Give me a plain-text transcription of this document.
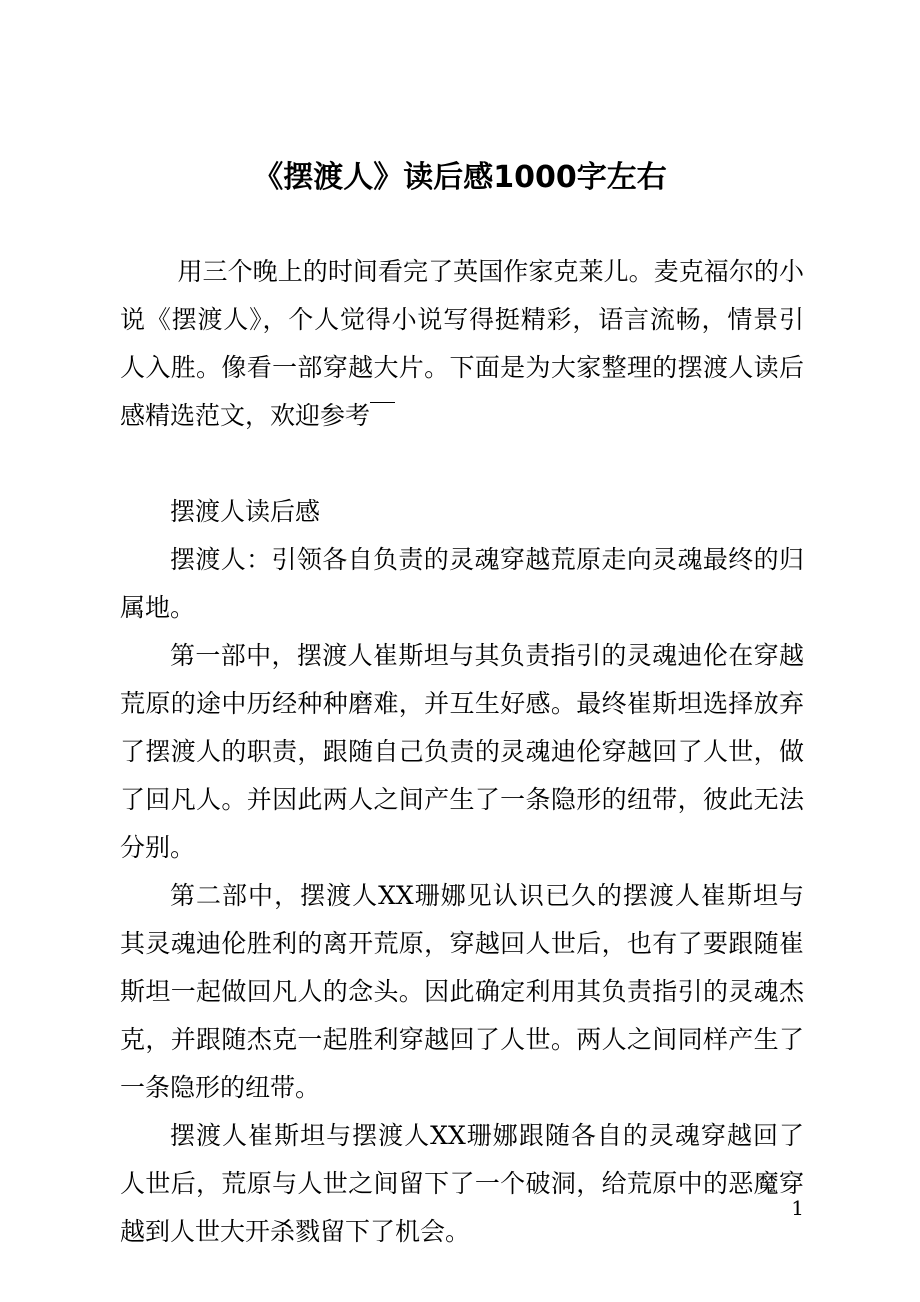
《摆渡人》读后感1000字左右

用三个晚上的时间看完了英国作家克莱儿。麦克福尔的小说《摆渡人》，个人觉得小说写得挺精彩，语言流畅，情景引人入胜。像看一部穿越大片。下面是为大家整理的摆渡人读后感精选范文，欢迎参考￣

摆渡人读后感

摆渡人：引领各自负责的灵魂穿越荒原走向灵魂最终的归属地。

第一部中，摆渡人崔斯坦与其负责指引的灵魂迪伦在穿越荒原的途中历经种种磨难，并互生好感。最终崔斯坦选择放弃了摆渡人的职责，跟随自己负责的灵魂迪伦穿越回了人世，做了回凡人。并因此两人之间产生了一条隐形的纽带，彼此无法分别。

第二部中，摆渡人XX珊娜见认识已久的摆渡人崔斯坦与其灵魂迪伦胜利的离开荒原，穿越回人世后，也有了要跟随崔斯坦一起做回凡人的念头。因此确定利用其负责指引的灵魂杰克，并跟随杰克一起胜利穿越回了人世。两人之间同样产生了一条隐形的纽带。

摆渡人崔斯坦与摆渡人XX珊娜跟随各自的灵魂穿越回了人世后，荒原与人世之间留下了一个破洞，给荒原中的恶魔穿越到人世大开杀戮留下了机会。

1
